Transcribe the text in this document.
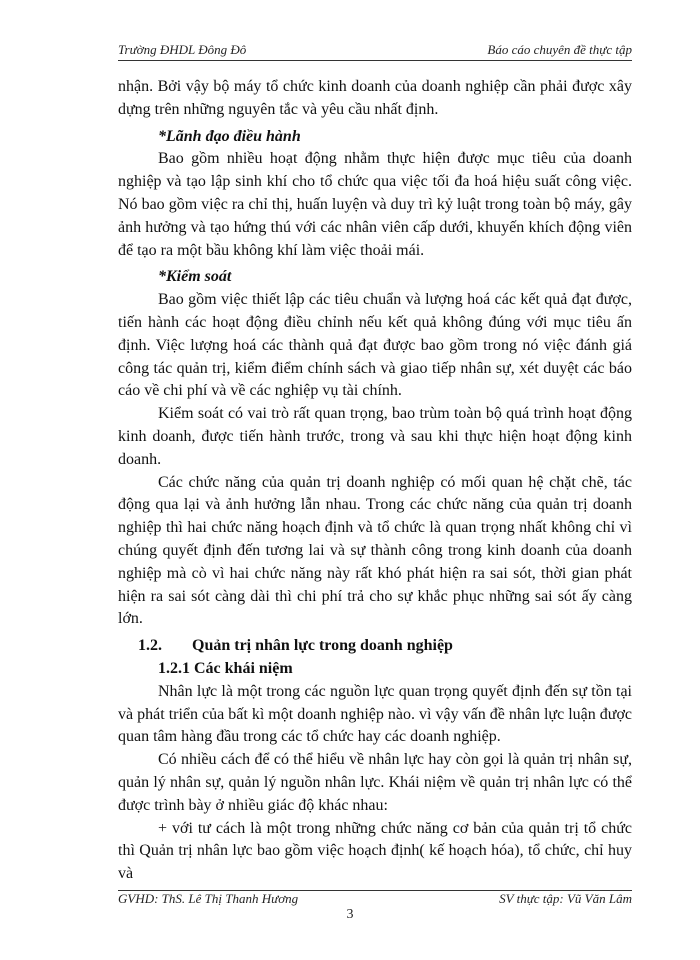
Trường ĐHDL Đông Đô	Báo cáo chuyên đề thực tập

nhận. Bởi vậy bộ máy tổ chức kinh doanh của doanh nghiệp cần phải được xây dựng trên những nguyên tắc và yêu cầu nhất định.

*Lãnh đạo điều hành

Bao gồm nhiều hoạt động nhằm thực hiện được mục tiêu của doanh nghiệp và tạo lập sinh khí cho tổ chức qua việc tối đa hoá hiệu suất công việc. Nó bao gồm việc ra chỉ thị, huấn luyện và duy trì kỷ luật trong toàn bộ máy, gây ảnh hưởng và tạo hứng thú với các nhân viên cấp dưới, khuyến khích động viên để tạo ra một bầu không khí làm việc thoải mái.

*Kiểm soát

Bao gồm việc thiết lập các tiêu chuẩn và lượng hoá các kết quả đạt được, tiến hành các hoạt động điều chỉnh nếu kết quả không đúng với mục tiêu ấn định. Việc lượng hoá các thành quả đạt được bao gồm trong nó việc đánh giá công tác quản trị, kiểm điểm chính sách và giao tiếp nhân sự, xét duyệt các báo cáo về chi phí và về các nghiệp vụ tài chính.

Kiểm soát có vai trò rất quan trọng, bao trùm toàn bộ quá trình hoạt động kinh doanh, được tiến hành trước, trong và sau khi thực hiện hoạt động kinh doanh.

Các chức năng của quản trị doanh nghiệp có mối quan hệ chặt chẽ, tác động qua lại và ảnh hưởng lẫn nhau. Trong các chức năng của quản trị doanh nghiệp thì hai chức năng hoạch định và tổ chức là quan trọng nhất không chỉ vì chúng quyết định đến tương lai và sự thành công trong kinh doanh của doanh nghiệp mà cò vì hai chức năng này rất khó phát hiện ra sai sót, thời gian phát hiện ra sai sót càng dài thì chi phí trả cho sự khắc phục những sai sót ấy càng lớn.

1.2. Quản trị nhân lực trong doanh nghiệp

1.2.1 Các khái niệm

Nhân lực là một trong các nguồn lực quan trọng quyết định đến sự tồn tại và phát triển của bất kì một doanh nghiệp nào. vì vậy vấn đề nhân lực luận được quan tâm hàng đầu trong các tổ chức hay các doanh nghiệp.

Có nhiều cách để có thể hiểu về nhân lực hay còn gọi là quản trị nhân sự, quản lý nhân sự, quản lý nguồn nhân lực. Khái niệm về quản trị nhân lực có thể được trình bày ở nhiều giác độ khác nhau:

+ với tư cách là một trong những chức năng cơ bản của quản trị tổ chức thì Quản trị nhân lực bao gồm việc hoạch định( kế hoạch hóa), tổ chức, chỉ huy và

GVHD: ThS. Lê Thị Thanh Hương	SV thực tập: Vũ Văn Lâm
3
